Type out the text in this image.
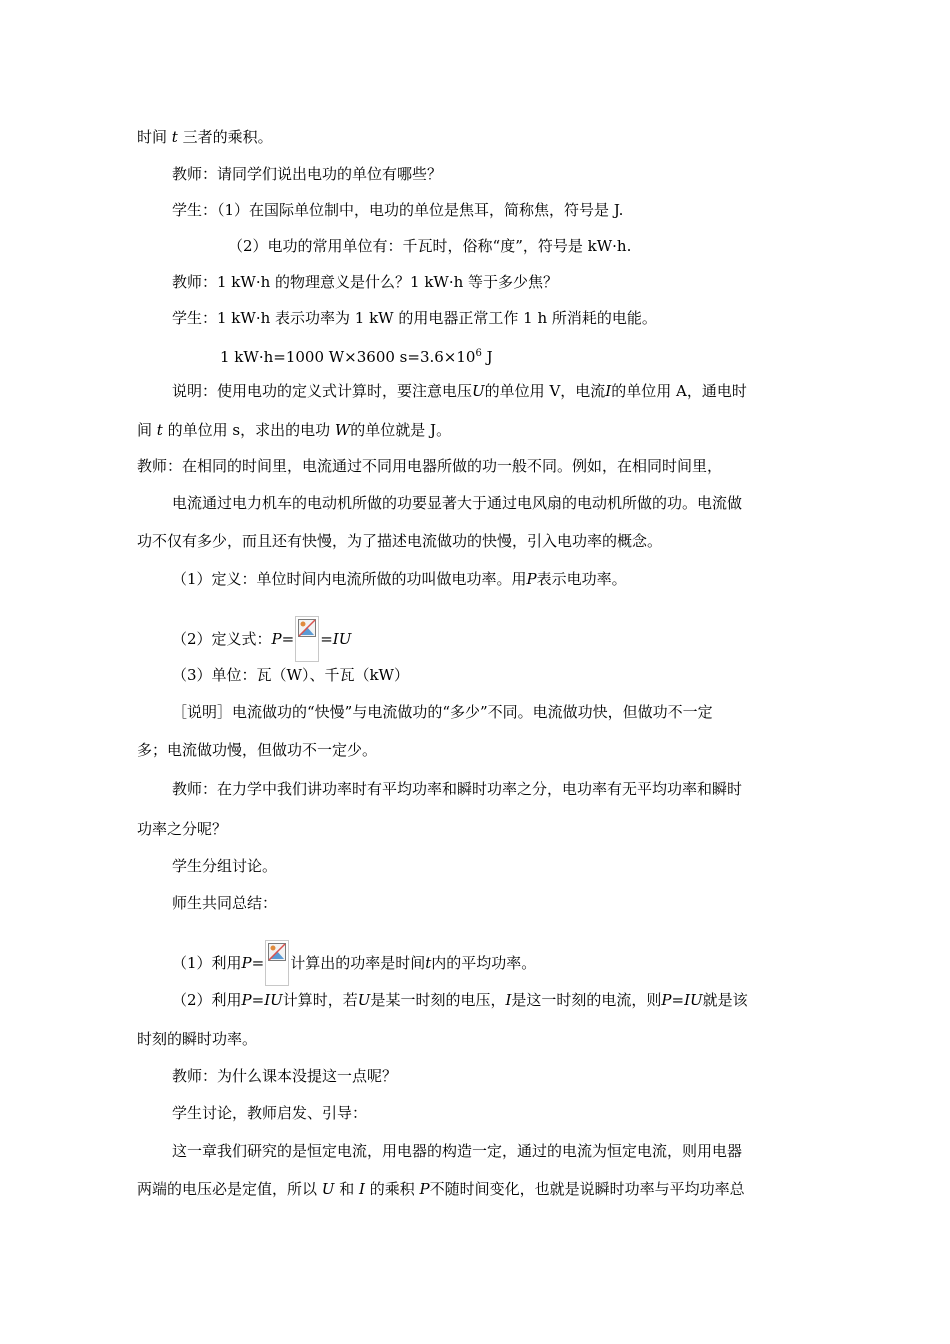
时间 t 三者的乘积。
教师：请同学们说出电功的单位有哪些？
学生：（1）在国际单位制中，电功的单位是焦耳，简称焦，符号是 J.
（2）电功的常用单位有：千瓦时，俗称“度”，符号是 kW·h.
教师：1 kW·h 的物理意义是什么？1 kW·h 等于多少焦？
学生：1 kW·h 表示功率为 1 kW 的用电器正常工作 1 h 所消耗的电能。
1 kW·h=1000 W×3600 $s=3.6\times 10^6$ J
说明：使用电功的定义式计算时，要注意电压U的单位用 V，电流I的单位用 A，通电时
间 t 的单位用 s，求出的电功 W的单位就是 J。
教师：在相同的时间里，电流通过不同用电器所做的功一般不同。例如，在相同时间里，
电流通过电力机车的电动机所做的功要显著大于通过电风扇的电动机所做的功。电流做
功不仅有多少，而且还有快慢，为了描述电流做功的快慢，引入电功率的概念。
（1）定义：单位时间内电流所做的功叫做电功率。用P表示电功率。
（2）定义式：P= =IU
（3）单位：瓦（W）、千瓦（kW）
［说明］电流做功的“快慢”与电流做功的“多少”不同。电流做功快，但做功不一定
多；电流做功慢，但做功不一定少。
教师：在力学中我们讲功率时有平均功率和瞬时功率之分，电功率有无平均功率和瞬时
功率之分呢？
学生分组讨论。
师生共同总结：
（1）利用P= 计算出的功率是时间t内的平均功率。
（2）利用P=IU计算时，若U是某一时刻的电压，I是这一时刻的电流，则P=IU就是该
时刻的瞬时功率。
教师：为什么课本没提这一点呢？
学生讨论，教师启发、引导：
这一章我们研究的是恒定电流，用电器的构造一定，通过的电流为恒定电流，则用电器
两端的电压必是定值，所以 U 和 I 的乘积 P不随时间变化，也就是说瞬时功率与平均功率总
